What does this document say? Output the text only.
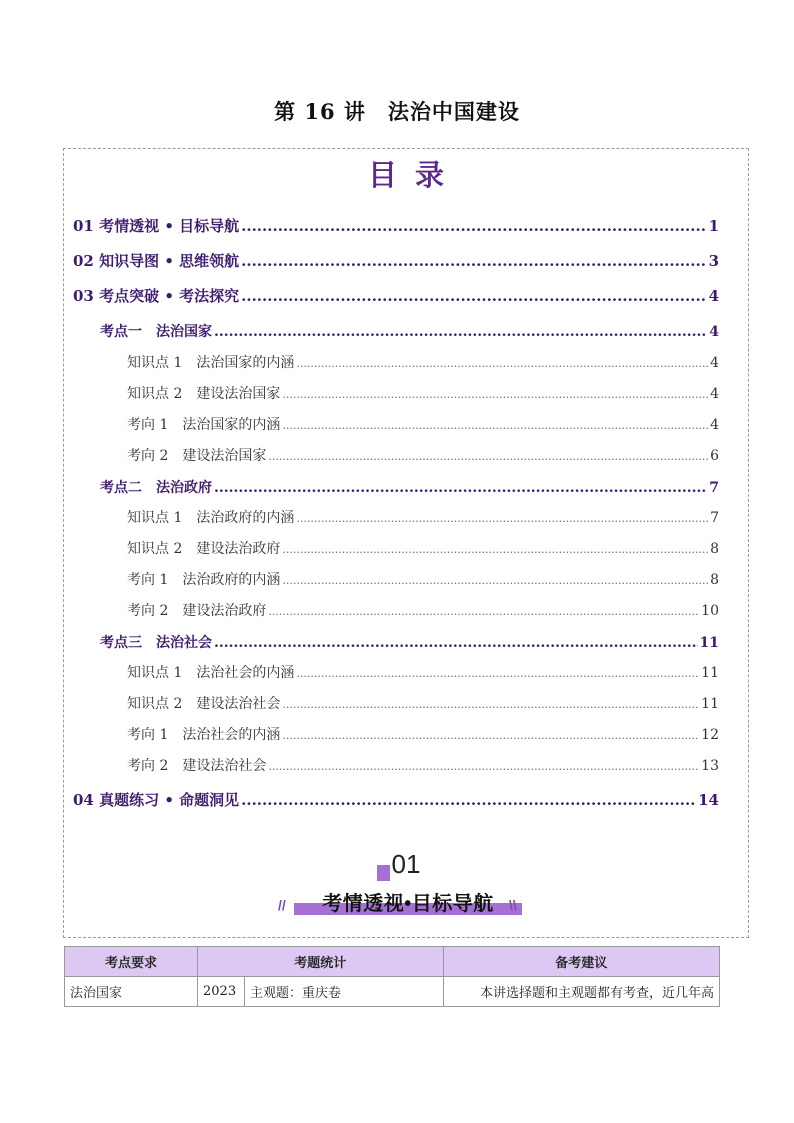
第 16 讲　法治中国建设
目录
01 考情透视 • 目标导航 .....	1
02 知识导图 • 思维领航 .....	3
03 考点突破 • 考法探究 .....	4
考点一　法治国家 .....	4
知识点 1　法治国家的内涵 .....	4
知识点 2　建设法治国家 .....	4
考向 1　法治国家的内涵 .....	4
考向 2　建设法治国家 .....	6
考点二　法治政府 .....	7
知识点 1　法治政府的内涵 .....	7
知识点 2　建设法治政府 .....	8
考向 1　法治政府的内涵 .....	8
考向 2　建设法治政府 .....	10
考点三　法治社会 .....	11
知识点 1　法治社会的内涵 .....	11
知识点 2　建设法治社会 .....	11
考向 1　法治社会的内涵 .....	12
考向 2　建设法治社会 .....	13
04 真题练习 • 命题洞见 .....	14
01
考情透视•目标导航
//	\\
考点要求	考题统计		备考建议
法治国家	2023	主观题：重庆卷	本讲选择题和主观题都有考查，近几年高
